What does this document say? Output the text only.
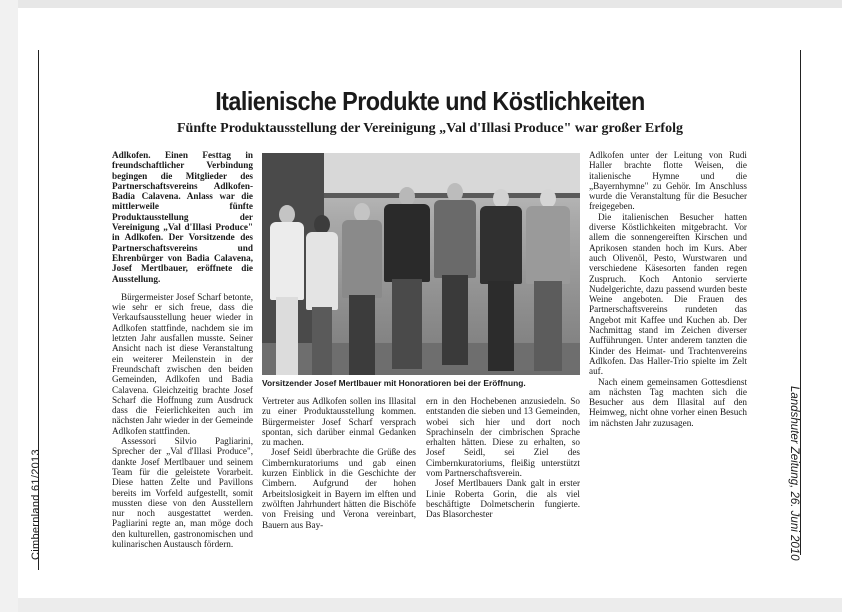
Cimbernland 61/2013	Landshuter Zeitung, 26. Juni 2010
Italienische Produkte und Köstlichkeiten
Fünfte Produktausstellung der Vereinigung „Val d'Illasi Produce" war großer Erfolg

Adlkofen. Einen Festtag in freundschaftlicher Verbindung begingen die Mitglieder des Partnerschaftsvereins Adlkofen-Badia Calavena. Anlass war die mittlerweile fünfte Produktausstellung der Vereinigung „Val d'Illasi Produce" in Adlkofen. Der Vorsitzende des Partnerschaftsvereins und Ehrenbürger von Badia Calavena, Josef Mertlbauer, eröffnete die Ausstellung.

Bürgermeister Josef Scharf betonte, wie sehr er sich freue, dass die Verkaufsausstellung heuer wieder in Adlkofen stattfinde, nachdem sie im letzten Jahr ausfallen musste. Seiner Ansicht nach ist diese Veranstaltung ein weiterer Meilenstein in der Freundschaft zwischen den beiden Gemeinden, Adlkofen und Badia Calavena. Gleichzeitig brachte Josef Scharf die Hoffnung zum Ausdruck dass die Feierlichkeiten auch im nächsten Jahr wieder in der Gemeinde Adlkofen stattfinden.

Assessori Silvio Pagliarini, Sprecher der „Val d'Illasi Produce", dankte Josef Mertlbauer und seinem Team für die geleistete Vorarbeit. Diese hatten Zelte und Pavillons bereits im Vorfeld aufgestellt, somit mussten diese von den Ausstellern nur noch ausgestattet werden. Pagliarini regte an, man möge doch den kulturellen, gastronomischen und kulinarischen Austausch fördern.

Vorsitzender Josef Mertlbauer mit Honoratioren bei der Eröffnung.

Vertreter aus Adlkofen sollen ins Illasital zu einer Produktausstellung kommen. Bürgermeister Josef Scharf versprach spontan, sich darüber einmal Gedanken zu machen.

Josef Seidl überbrachte die Grüße des Cimbernkuratoriums und gab einen kurzen Einblick in die Geschichte der Cimbern. Aufgrund der hohen Arbeitslosigkeit in Bayern im elften und zwölften Jahrhundert hätten die Bischöfe von Freising und Verona vereinbart, Bauern aus Bay-

ern in den Hochebenen anzusiedeln. So entstanden die sieben und 13 Gemeinden, wobei sich hier und dort noch Sprachinseln der cimbrischen Sprache erhalten hätten. Diese zu erhalten, so Josef Seidl, sei Ziel des Cimbernkuratoriums, fleißig unterstützt vom Partnerschaftsverein.

Josef Mertlbauers Dank galt in erster Linie Roberta Gorin, die als viel beschäftigte Dolmetscherin fungierte. Das Blasorchester

Adlkofen unter der Leitung von Rudi Haller brachte flotte Weisen, die italienische Hymne und die „Bayernhymne" zu Gehör. Im Anschluss wurde die Veranstaltung für die Besucher freigegeben.

Die italienischen Besucher hatten diverse Köstlichkeiten mitgebracht. Vor allem die sonnengereiften Kirschen und Aprikosen standen hoch im Kurs. Aber auch Olivenöl, Pesto, Wurstwaren und verschiedene Käsesorten fanden regen Zuspruch. Koch Antonio servierte Nudelgerichte, dazu passend wurden beste Weine angeboten. Die Frauen des Partnerschaftsvereins rundeten das Angebot mit Kaffee und Kuchen ab. Der Nachmittag stand im Zeichen diverser Aufführungen. Unter anderem tanzten die Kinder des Heimat- und Trachtenvereins Adlkofen. Das Haller-Trio spielte im Zelt auf.

Nach einem gemeinsamen Gottesdienst am nächsten Tag machten sich die Besucher aus dem Illasital auf den Heimweg, nicht ohne vorher einen Besuch im nächsten Jahr zuzusagen.
